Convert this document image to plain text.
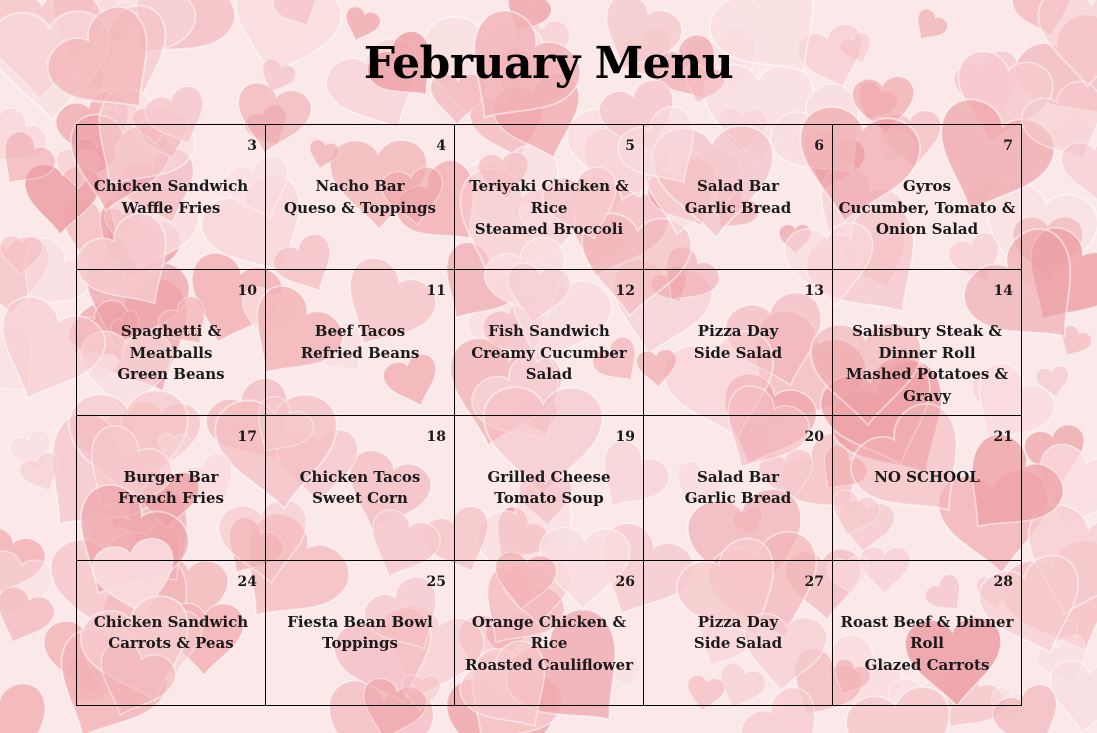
February Menu
3
Chicken Sandwich
Waffle Fries
4
Nacho Bar
Queso & Toppings
5
Teriyaki Chicken &
Rice
Steamed Broccoli
6
Salad Bar
Garlic Bread
7
Gyros
Cucumber, Tomato &
Onion Salad
10
Spaghetti & Meatballs
Green Beans
11
Beef Tacos
Refried Beans
12
Fish Sandwich
Creamy Cucumber
Salad
13
Pizza Day
Side Salad
14
Salisbury Steak &
Dinner Roll
Mashed Potatoes &
Gravy
17
Burger Bar
French Fries
18
Chicken Tacos
Sweet Corn
19
Grilled Cheese
Tomato Soup
20
Salad Bar
Garlic Bread
21
NO SCHOOL
24
Chicken Sandwich
Carrots & Peas
25
Fiesta Bean Bowl
Toppings
26
Orange Chicken & Rice
Roasted Cauliflower
27
Pizza Day
Side Salad
28
Roast Beef & Dinner
Roll
Glazed Carrots
